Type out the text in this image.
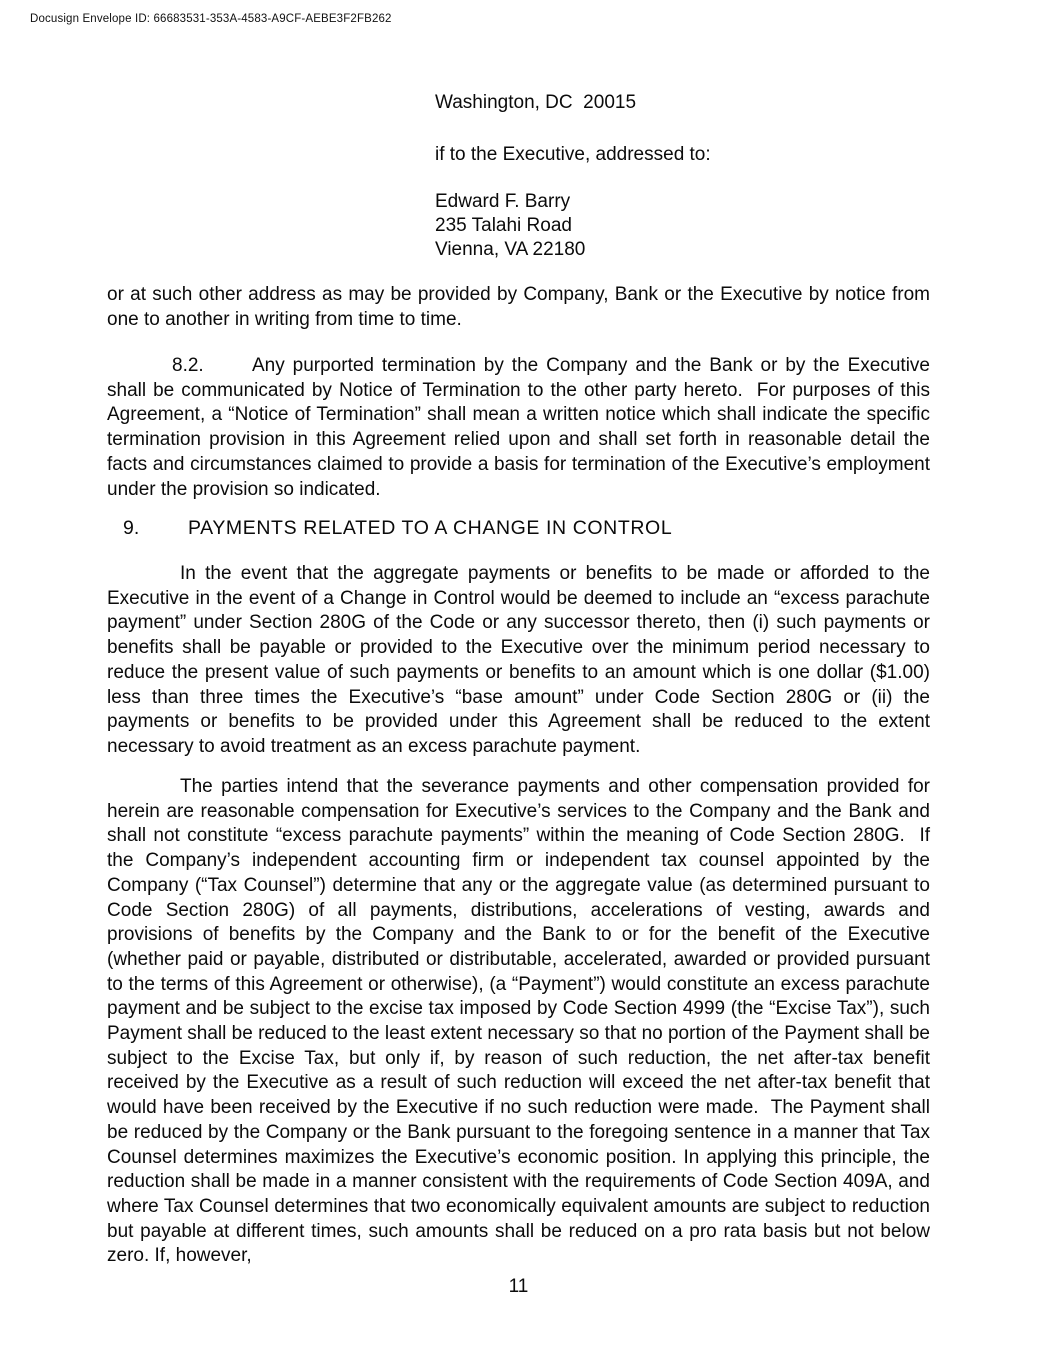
Docusign Envelope ID: 66683531-353A-4583-A9CF-AEBE3F2FB262
Washington, DC  20015
if to the Executive, addressed to:
Edward F. Barry
235 Talahi Road
Vienna, VA 22180

or at such other address as may be provided by Company, Bank or the Executive by notice from one to another in writing from time to time.

8.2.	Any purported termination by the Company and the Bank or by the Executive shall be communicated by Notice of Termination to the other party hereto.  For purposes of this Agreement, a “Notice of Termination” shall mean a written notice which shall indicate the specific termination provision in this Agreement relied upon and shall set forth in reasonable detail the facts and circumstances claimed to provide a basis for termination of the Executive’s employment under the provision so indicated.

9. PAYMENTS RELATED TO A CHANGE IN CONTROL

In the event that the aggregate payments or benefits to be made or afforded to the Executive in the event of a Change in Control would be deemed to include an “excess parachute payment” under Section 280G of the Code or any successor thereto, then (i) such payments or benefits shall be payable or provided to the Executive over the minimum period necessary to reduce the present value of such payments or benefits to an amount which is one dollar ($1.00) less than three times the Executive’s “base amount” under Code Section 280G or (ii) the payments or benefits to be provided under this Agreement shall be reduced to the extent necessary to avoid treatment as an excess parachute payment.

The parties intend that the severance payments and other compensation provided for herein are reasonable compensation for Executive’s services to the Company and the Bank and shall not constitute “excess parachute payments” within the meaning of Code Section 280G.  If the Company’s independent accounting firm or independent tax counsel appointed by the Company (“Tax Counsel”) determine that any or the aggregate value (as determined pursuant to Code Section 280G) of all payments, distributions, accelerations of vesting, awards and provisions of benefits by the Company and the Bank to or for the benefit of the Executive (whether paid or payable, distributed or distributable, accelerated, awarded or provided pursuant to the terms of this Agreement or otherwise), (a “Payment”) would constitute an excess parachute payment and be subject to the excise tax imposed by Code Section 4999 (the “Excise Tax”), such Payment shall be reduced to the least extent necessary so that no portion of the Payment shall be subject to the Excise Tax, but only if, by reason of such reduction, the net after-tax benefit received by the Executive as a result of such reduction will exceed the net after-tax benefit that would have been received by the Executive if no such reduction were made.  The Payment shall be reduced by the Company or the Bank pursuant to the foregoing sentence in a manner that Tax Counsel determines maximizes the Executive’s economic position. In applying this principle, the reduction shall be made in a manner consistent with the requirements of Code Section 409A, and where Tax Counsel determines that two economically equivalent amounts are subject to reduction but payable at different times, such amounts shall be reduced on a pro rata basis but not below zero. If, however,

11
